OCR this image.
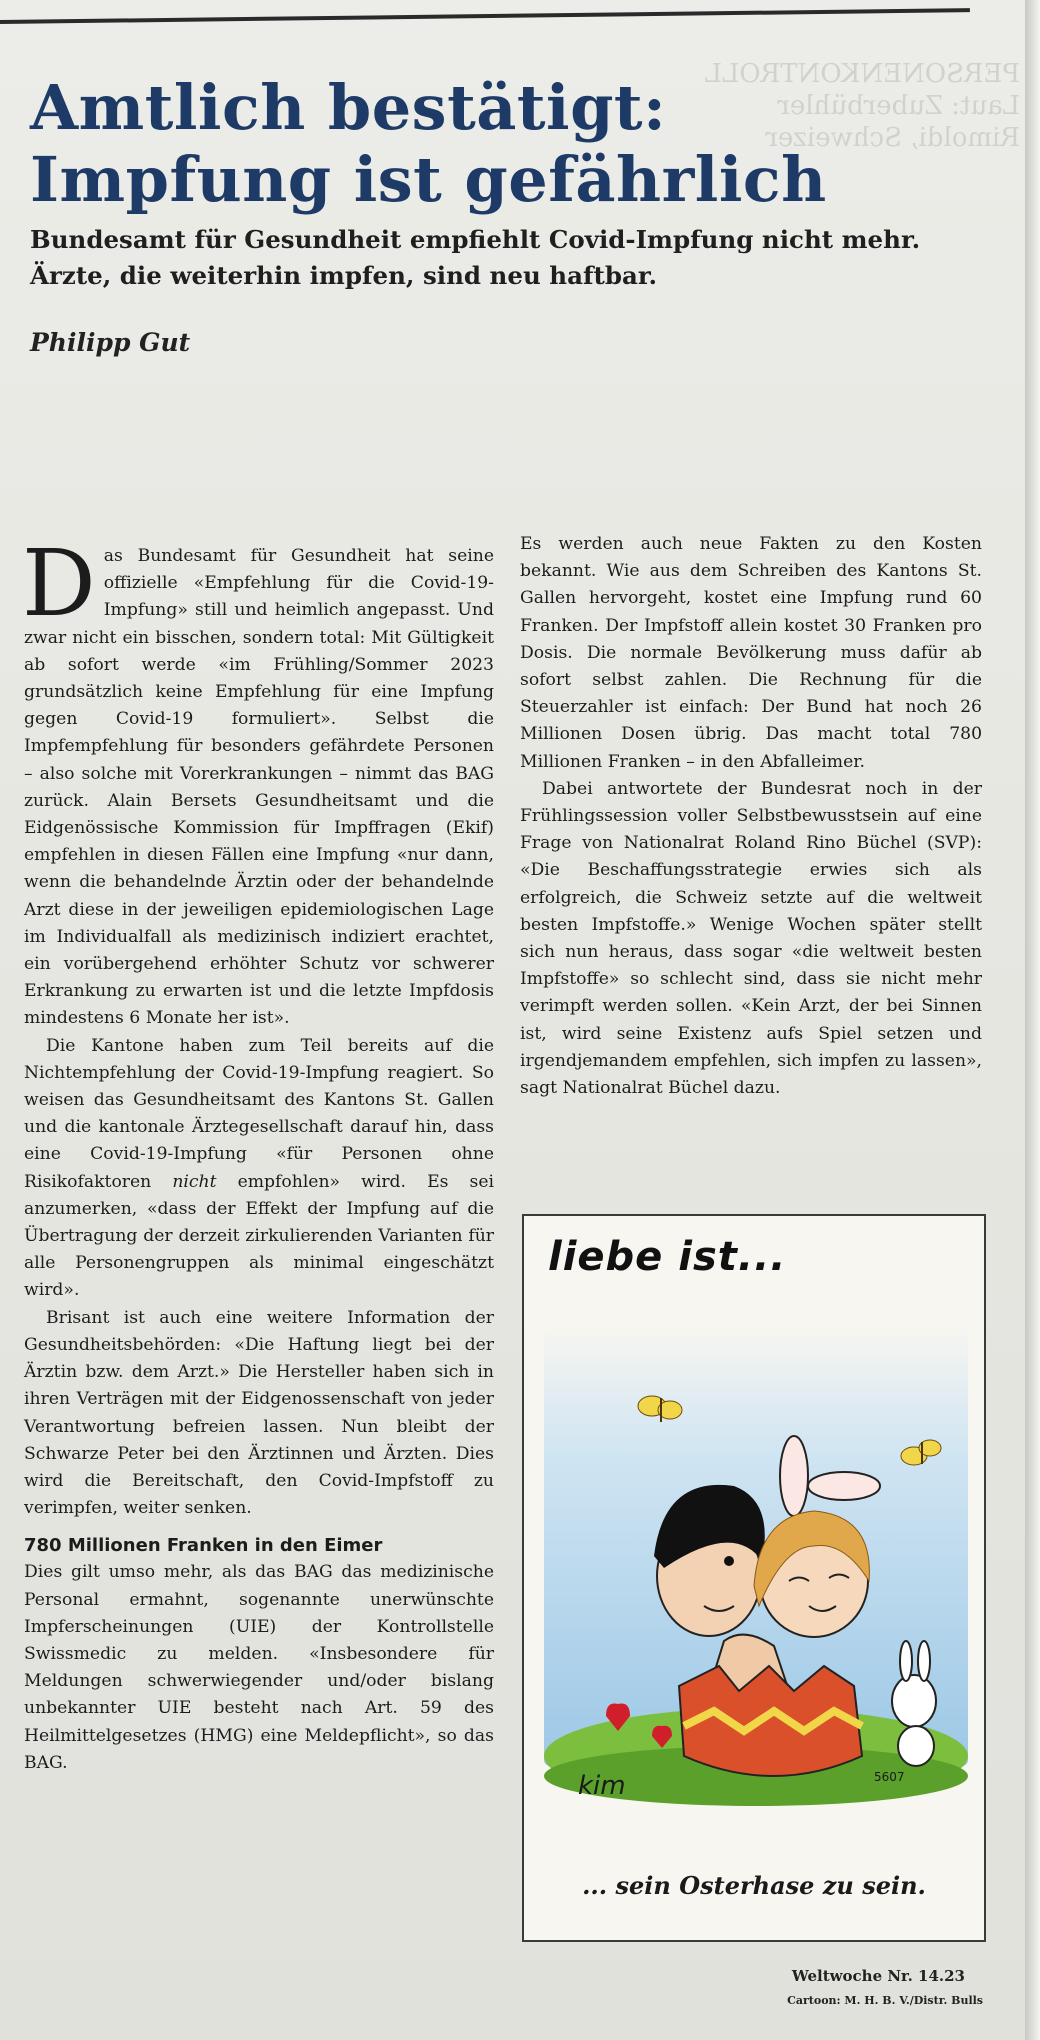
PERSONENKONTROLL
Laut: Zuberbühler
Rimoldi, Schweizer
Amtlich bestätigt:
Impfung ist gefährlich
Bundesamt für Gesundheit empfiehlt Covid-Impfung nicht mehr. Ärzte, die weiterhin impfen, sind neu haftbar.
Philipp Gut

Das Bundesamt für Gesundheit hat seine offizielle «Empfehlung für die Covid-19-Impfung» still und heimlich angepasst. Und zwar nicht ein bisschen, sondern total: Mit Gültigkeit ab sofort werde «im Frühling/Sommer 2023 grundsätzlich keine Empfehlung für eine Impfung gegen Covid-19 formuliert». Selbst die Impfempfehlung für besonders gefährdete Personen – also solche mit Vorerkrankungen – nimmt das BAG zurück. Alain Bersets Gesundheitsamt und die Eidgenössische Kommission für Impffragen (Ekif) empfehlen in diesen Fällen eine Impfung «nur dann, wenn die behandelnde Ärztin oder der behandelnde Arzt diese in der jeweiligen epidemiologischen Lage im Individualfall als medizinisch indiziert erachtet, ein vorübergehend erhöhter Schutz vor schwerer Erkrankung zu erwarten ist und die letzte Impfdosis mindestens 6 Monate her ist».

Die Kantone haben zum Teil bereits auf die Nichtempfehlung der Covid-19-Impfung reagiert. So weisen das Gesundheitsamt des Kantons St. Gallen und die kantonale Ärztegesellschaft darauf hin, dass eine Covid-19-Impfung «für Personen ohne Risikofaktoren nicht empfohlen» wird. Es sei anzumerken, «dass der Effekt der Impfung auf die Übertragung der derzeit zirkulierenden Varianten für alle Personengruppen als minimal eingeschätzt wird».

Brisant ist auch eine weitere Information der Gesundheitsbehörden: «Die Haftung liegt bei der Ärztin bzw. dem Arzt.» Die Hersteller haben sich in ihren Verträgen mit der Eidgenossenschaft von jeder Verantwortung befreien lassen. Nun bleibt der Schwarze Peter bei den Ärztinnen und Ärzten. Dies wird die Bereitschaft, den Covid-Impfstoff zu verimpfen, weiter senken.

780 Millionen Franken in den Eimer

Dies gilt umso mehr, als das BAG das medizinische Personal ermahnt, sogenannte unerwünschte Impferscheinungen (UIE) der Kontrollstelle Swissmedic zu melden. «Insbesondere für Meldungen schwerwiegender und/oder bislang unbekannter UIE besteht nach Art. 59 des Heilmittelgesetzes (HMG) eine Meldepflicht», so das BAG.

Es werden auch neue Fakten zu den Kosten bekannt. Wie aus dem Schreiben des Kantons St. Gallen hervorgeht, kostet eine Impfung rund 60 Franken. Der Impfstoff allein kostet 30 Franken pro Dosis. Die normale Bevölkerung muss dafür ab sofort selbst zahlen. Die Rechnung für die Steuerzahler ist einfach: Der Bund hat noch 26 Millionen Dosen übrig. Das macht total 780 Millionen Franken – in den Abfalleimer.

Dabei antwortete der Bundesrat noch in der Frühlingssession voller Selbstbewusstsein auf eine Frage von Nationalrat Roland Rino Büchel (SVP): «Die Beschaffungsstrategie erwies sich als erfolgreich, die Schweiz setzte auf die weltweit besten Impfstoffe.» Wenige Wochen später stellt sich nun heraus, dass sogar «die weltweit besten Impfstoffe» so schlecht sind, dass sie nicht mehr verimpft werden sollen. «Kein Arzt, der bei Sinnen ist, wird seine Existenz aufs Spiel setzen und irgendjemandem empfehlen, sich impfen zu lassen», sagt Nationalrat Büchel dazu.

liebe ist...
kim	5607
... sein Osterhase zu sein.
Weltwoche Nr. 14.23
Cartoon: M. H. B. V./Distr. Bulls
